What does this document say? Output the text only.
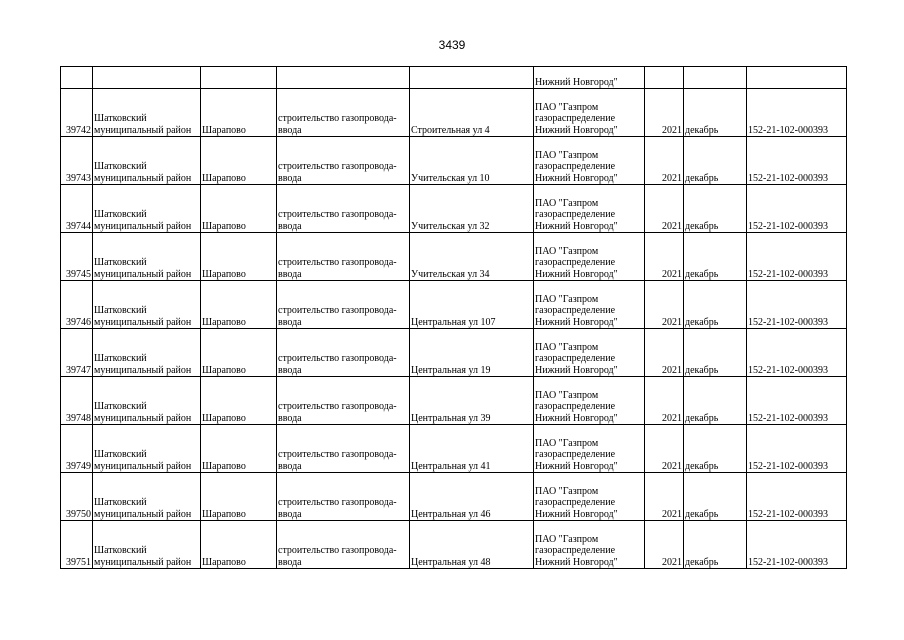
3439

					Нижний Новгород"			

39742	Шатковский
муниципальный район	Шарапово	строительство газопровода-
ввода	Строительная ул 4	ПАО "Газпром
газораспределение
Нижний Новгород"	2021	декабрь	152-21-102-000393

39743	Шатковский
муниципальный район	Шарапово	строительство газопровода-
ввода	Учительская ул 10	ПАО "Газпром
газораспределение
Нижний Новгород"	2021	декабрь	152-21-102-000393

39744	Шатковский
муниципальный район	Шарапово	строительство газопровода-
ввода	Учительская ул 32	ПАО "Газпром
газораспределение
Нижний Новгород"	2021	декабрь	152-21-102-000393

39745	Шатковский
муниципальный район	Шарапово	строительство газопровода-
ввода	Учительская ул 34	ПАО "Газпром
газораспределение
Нижний Новгород"	2021	декабрь	152-21-102-000393

39746	Шатковский
муниципальный район	Шарапово	строительство газопровода-
ввода	Центральная ул 107	ПАО "Газпром
газораспределение
Нижний Новгород"	2021	декабрь	152-21-102-000393

39747	Шатковский
муниципальный район	Шарапово	строительство газопровода-
ввода	Центральная ул 19	ПАО "Газпром
газораспределение
Нижний Новгород"	2021	декабрь	152-21-102-000393

39748	Шатковский
муниципальный район	Шарапово	строительство газопровода-
ввода	Центральная ул 39	ПАО "Газпром
газораспределение
Нижний Новгород"	2021	декабрь	152-21-102-000393

39749	Шатковский
муниципальный район	Шарапово	строительство газопровода-
ввода	Центральная ул 41	ПАО "Газпром
газораспределение
Нижний Новгород"	2021	декабрь	152-21-102-000393

39750	Шатковский
муниципальный район	Шарапово	строительство газопровода-
ввода	Центральная ул 46	ПАО "Газпром
газораспределение
Нижний Новгород"	2021	декабрь	152-21-102-000393

39751	Шатковский
муниципальный район	Шарапово	строительство газопровода-
ввода	Центральная ул 48	ПАО "Газпром
газораспределение
Нижний Новгород"	2021	декабрь	152-21-102-000393
